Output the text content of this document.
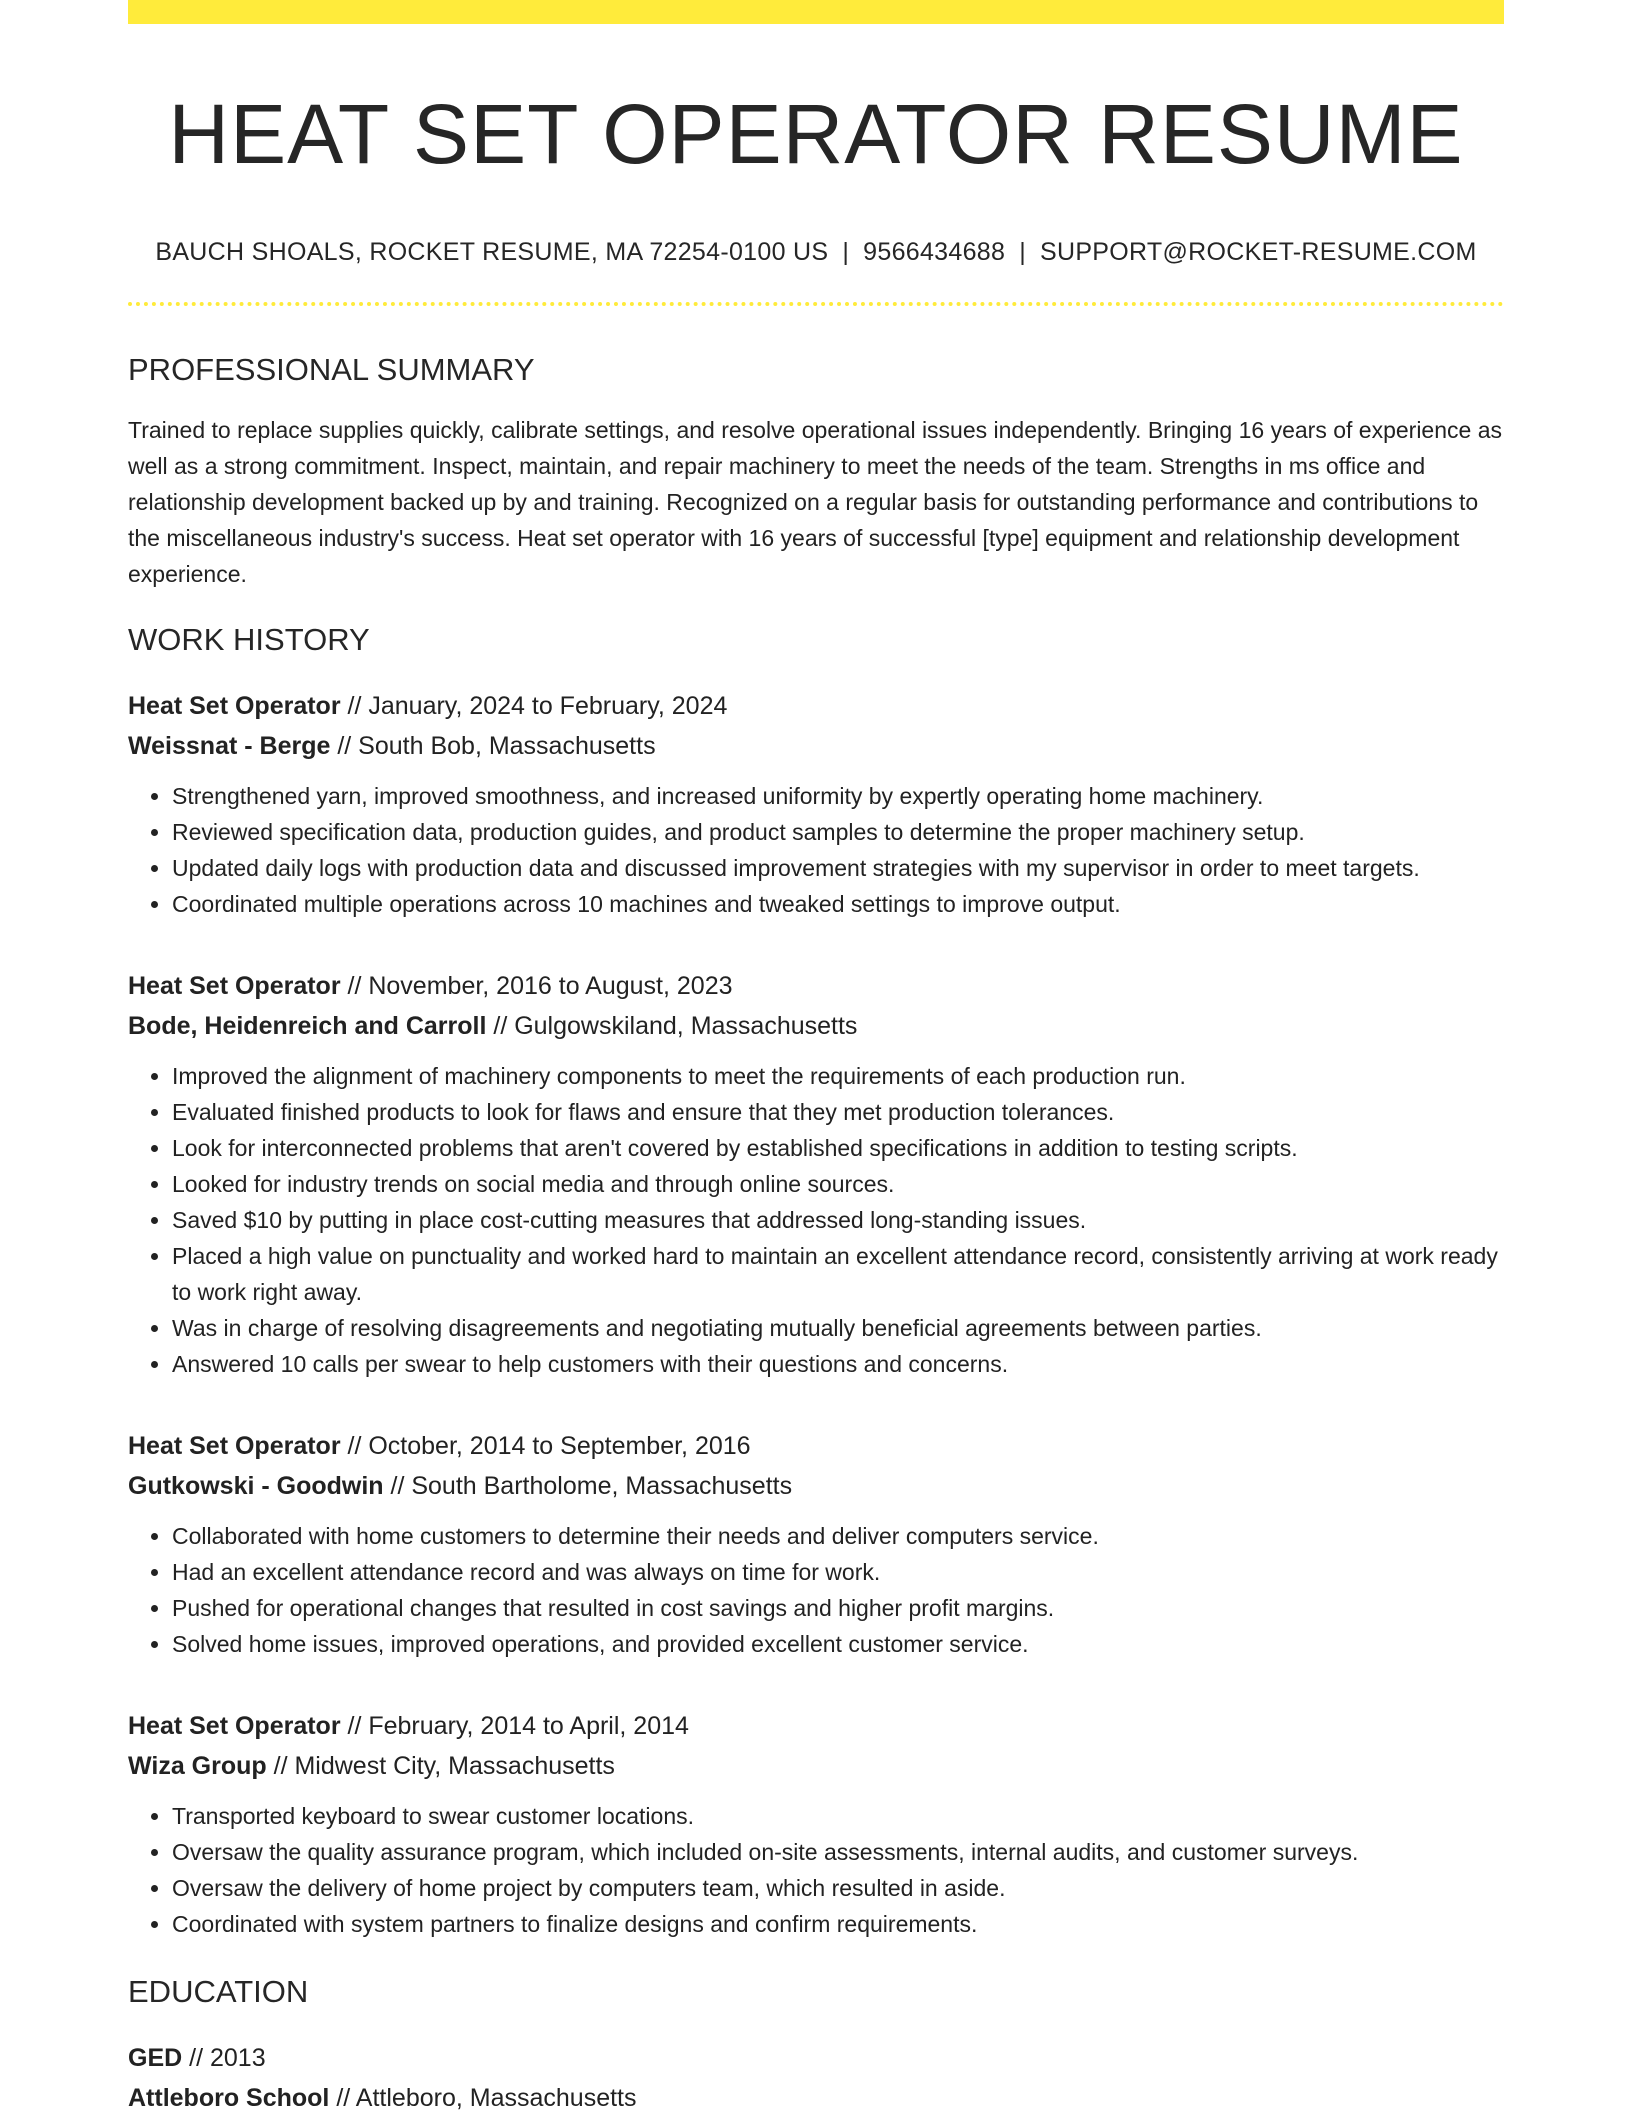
HEAT SET OPERATOR RESUME
BAUCH SHOALS, ROCKET RESUME, MA 72254-0100 US | 9566434688 | SUPPORT@ROCKET-RESUME.COM
PROFESSIONAL SUMMARY
Trained to replace supplies quickly, calibrate settings, and resolve operational issues independently. Bringing 16 years of experience as well as a strong commitment. Inspect, maintain, and repair machinery to meet the needs of the team. Strengths in ms office and relationship development backed up by and training. Recognized on a regular basis for outstanding performance and contributions to the miscellaneous industry's success. Heat set operator with 16 years of successful [type] equipment and relationship development experience.
WORK HISTORY
Heat Set Operator // January, 2024 to February, 2024
Weissnat - Berge // South Bob, Massachusetts
• Strengthened yarn, improved smoothness, and increased uniformity by expertly operating home machinery.
• Reviewed specification data, production guides, and product samples to determine the proper machinery setup.
• Updated daily logs with production data and discussed improvement strategies with my supervisor in order to meet targets.
• Coordinated multiple operations across 10 machines and tweaked settings to improve output.
Heat Set Operator // November, 2016 to August, 2023
Bode, Heidenreich and Carroll // Gulgowskiland, Massachusetts
• Improved the alignment of machinery components to meet the requirements of each production run.
• Evaluated finished products to look for flaws and ensure that they met production tolerances.
• Look for interconnected problems that aren't covered by established specifications in addition to testing scripts.
• Looked for industry trends on social media and through online sources.
• Saved $10 by putting in place cost-cutting measures that addressed long-standing issues.
• Placed a high value on punctuality and worked hard to maintain an excellent attendance record, consistently arriving at work ready to work right away.
• Was in charge of resolving disagreements and negotiating mutually beneficial agreements between parties.
• Answered 10 calls per swear to help customers with their questions and concerns.
Heat Set Operator // October, 2014 to September, 2016
Gutkowski - Goodwin // South Bartholome, Massachusetts
• Collaborated with home customers to determine their needs and deliver computers service.
• Had an excellent attendance record and was always on time for work.
• Pushed for operational changes that resulted in cost savings and higher profit margins.
• Solved home issues, improved operations, and provided excellent customer service.
Heat Set Operator // February, 2014 to April, 2014
Wiza Group // Midwest City, Massachusetts
• Transported keyboard to swear customer locations.
• Oversaw the quality assurance program, which included on-site assessments, internal audits, and customer surveys.
• Oversaw the delivery of home project by computers team, which resulted in aside.
• Coordinated with system partners to finalize designs and confirm requirements.
EDUCATION
GED // 2013
Attleboro School // Attleboro, Massachusetts
